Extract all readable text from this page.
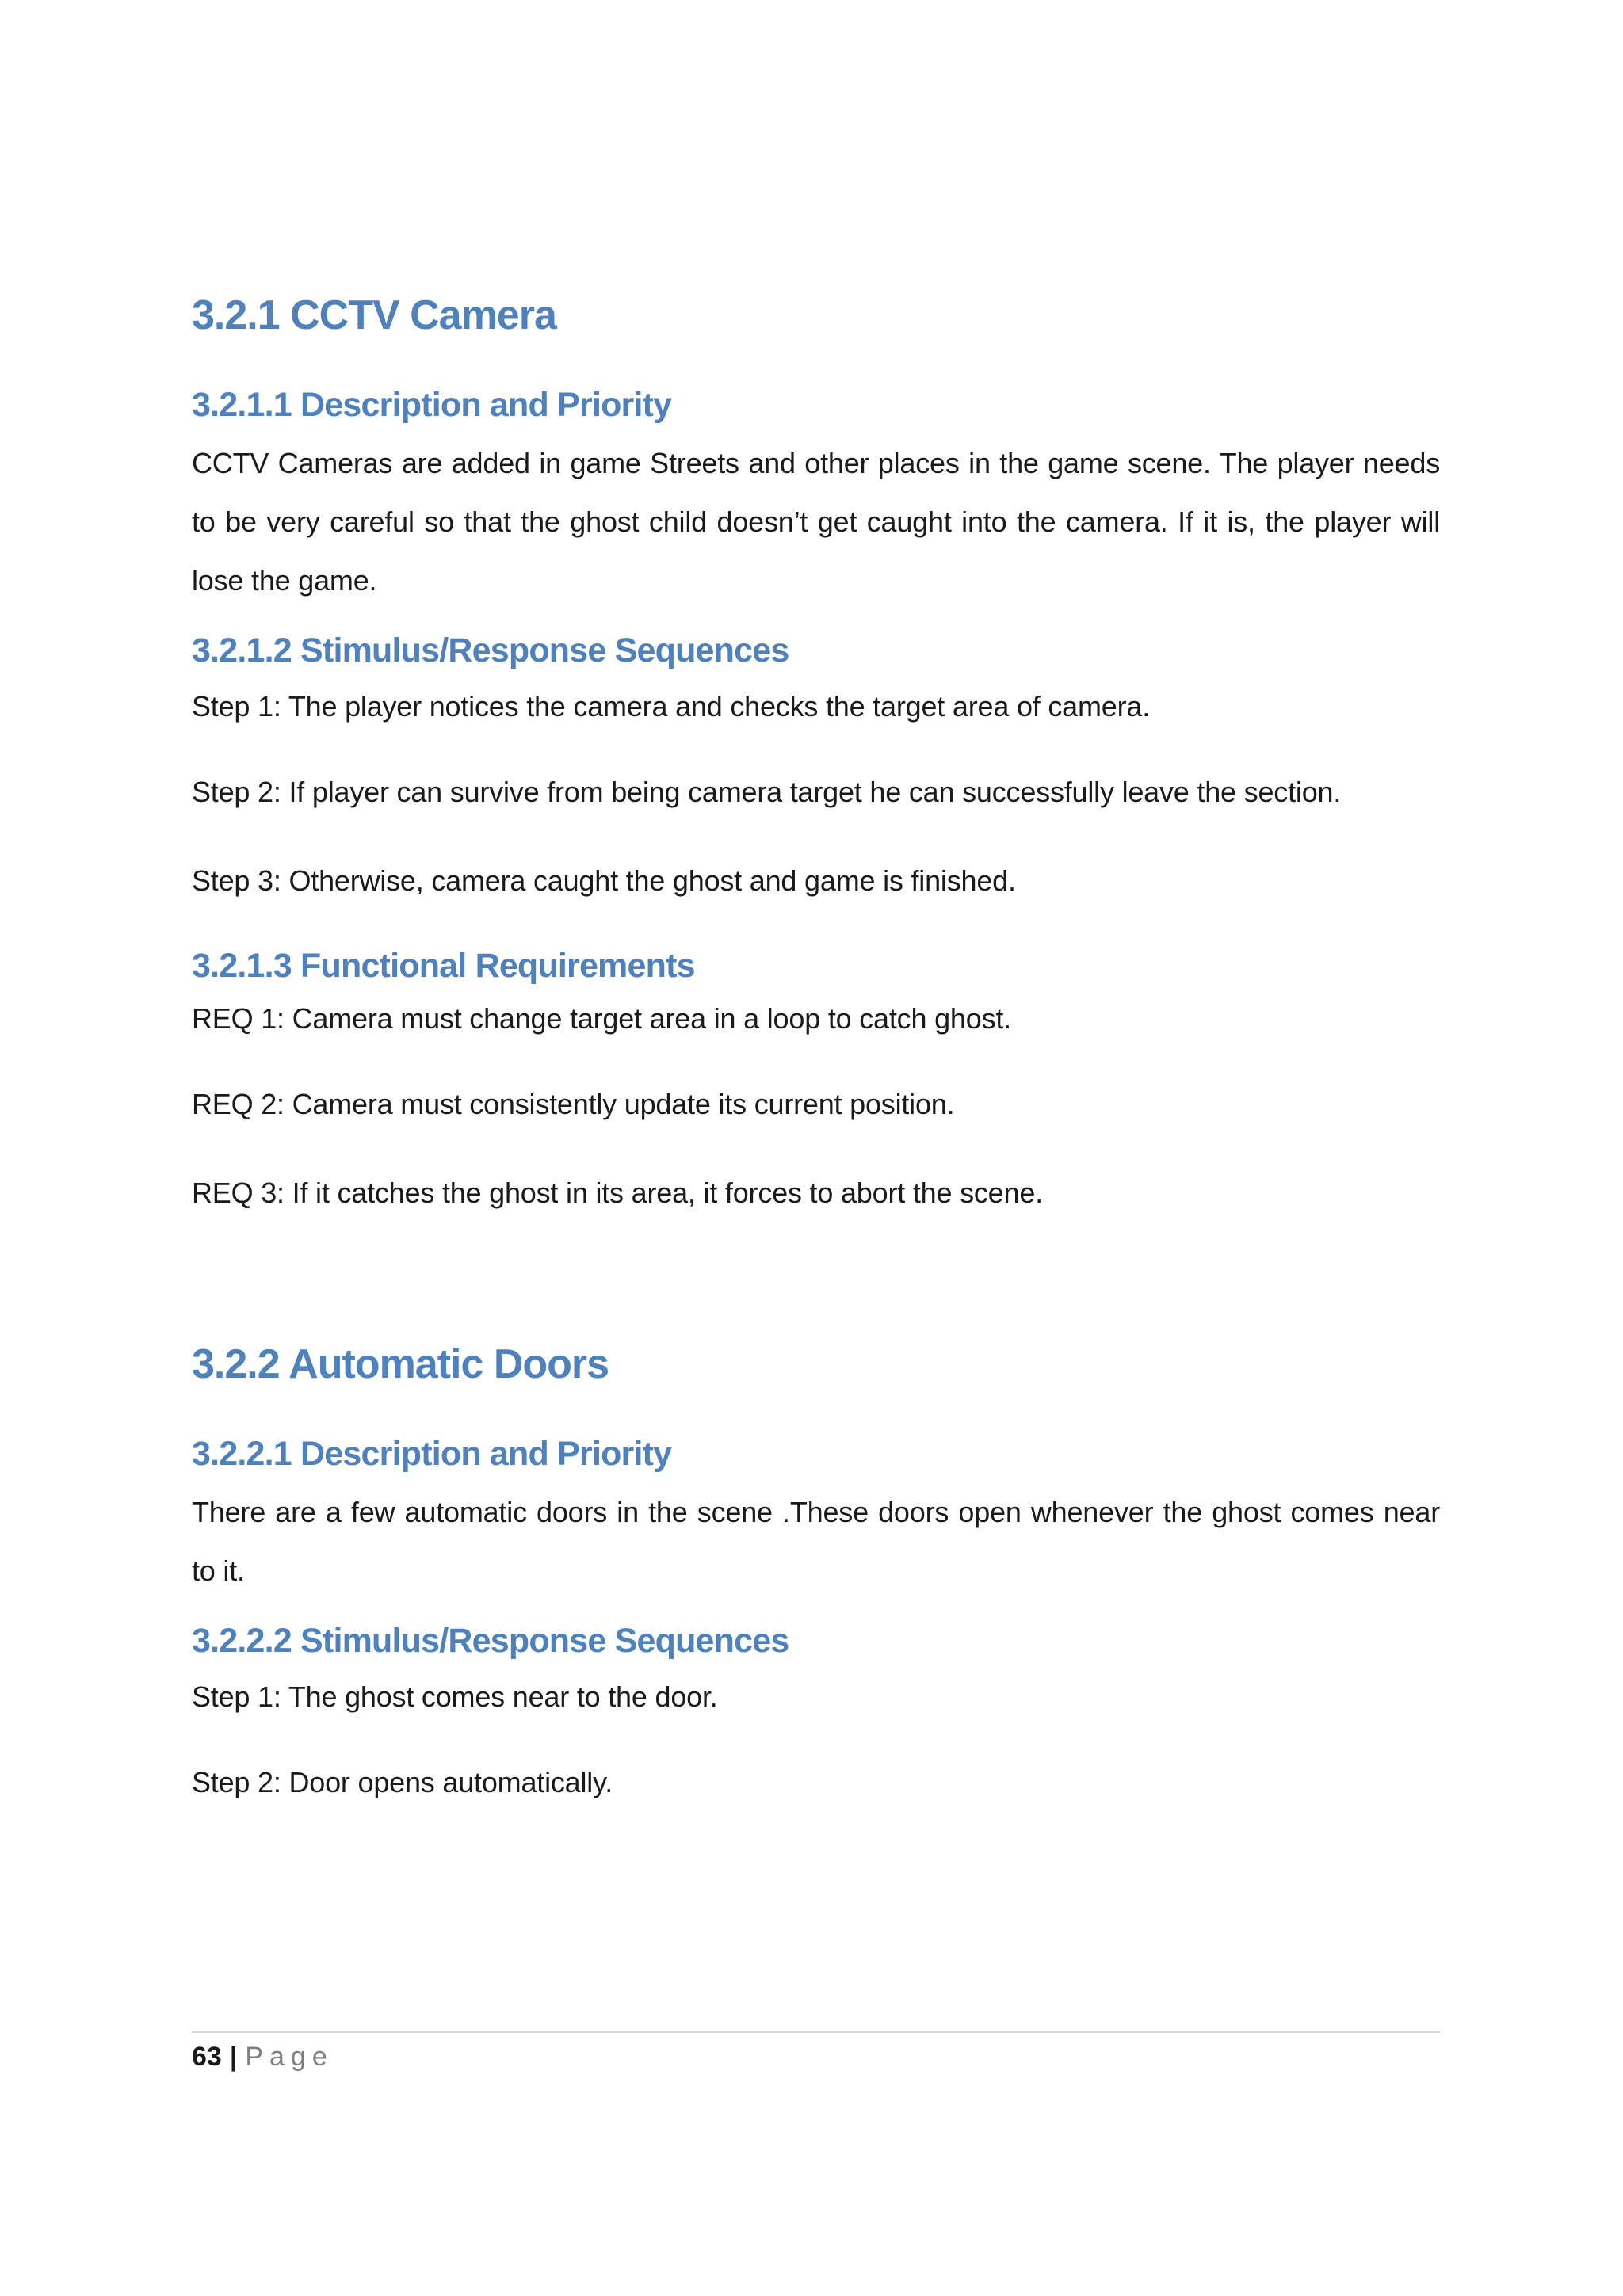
3.2.1 CCTV Camera
3.2.1.1 Description and Priority

CCTV Cameras are added in game Streets and other places in the game scene. The player needs to be very careful so that the ghost child doesn’t get caught into the camera. If it is, the player will lose the game.

3.2.1.2 Stimulus/Response Sequences

Step 1: The player notices the camera and checks the target area of camera.

Step 2: If player can survive from being camera target he can successfully leave the section.

Step 3: Otherwise, camera caught the ghost and game is finished.

3.2.1.3 Functional Requirements

REQ 1: Camera must change target area in a loop to catch ghost.

REQ 2: Camera must consistently update its current position.

REQ 3: If it catches the ghost in its area, it forces to abort the scene.

3.2.2 Automatic Doors
3.2.2.1 Description and Priority

There are a few automatic doors in the scene .These doors open whenever the ghost comes near to it.

3.2.2.2 Stimulus/Response Sequences

Step 1: The ghost comes near to the door.

Step 2: Door opens automatically.

63 | Page
